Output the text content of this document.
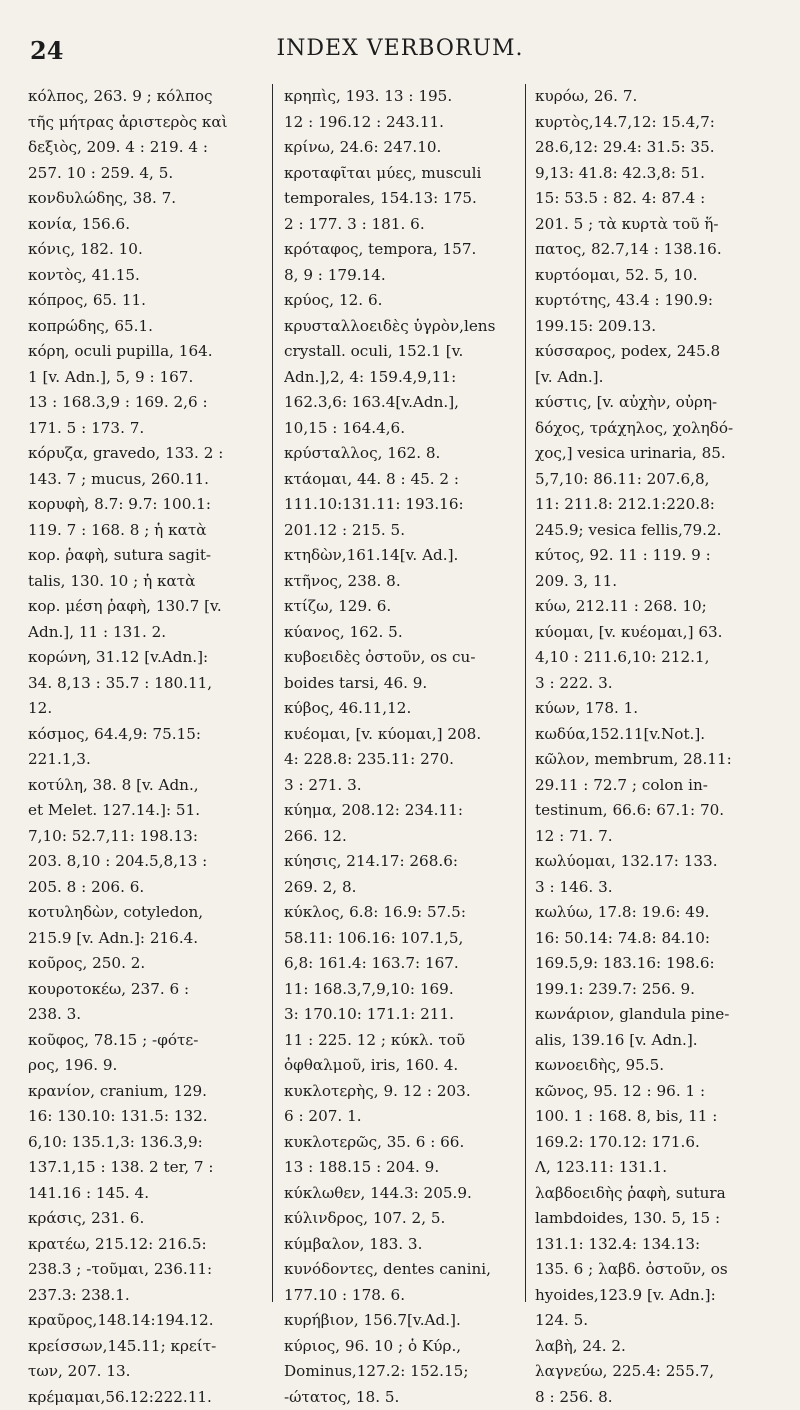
24	INDEX VERBORUM.
κόλπος, 263. 9 ; κόλπος
τῆς μήτρας ἀριστερὸς καὶ
δεξιὸς, 209. 4 : 219. 4 :
257. 10 : 259. 4, 5.
κονδυλώδης, 38. 7.
κονία, 156.6.
κόνις, 182. 10.
κοντὸς, 41.15.
κόπρος, 65. 11.
κοπρώδης, 65.1.
κόρη, oculi pupilla, 164.
1 [v. Adn.], 5, 9 : 167.
13 : 168.3,9 : 169. 2,6 :
171. 5 : 173. 7.
κόρυζα, gravedo, 133. 2 :
143. 7 ; mucus, 260.11.
κορυφὴ, 8.7: 9.7: 100.1:
119. 7 : 168. 8 ; ἡ κατὰ
κορ. ῥαφὴ, sutura sagit-
talis, 130. 10 ; ἡ κατὰ
κορ. μέση ῥαφὴ, 130.7 [v.
Adn.], 11 : 131. 2.
κορώνη, 31.12 [v.Adn.]:
34. 8,13 : 35.7 : 180.11,
12.
κόσμος, 64.4,9: 75.15:
221.1,3.
κοτύλη, 38. 8 [v. Adn.,
et Melet. 127.14.]: 51.
7,10: 52.7,11: 198.13:
203. 8,10 : 204.5,8,13 :
205. 8 : 206. 6.
κοτυληδὼν, cotyledon,
215.9 [v. Adn.]: 216.4.
κοῦρος, 250. 2.
κουροτοκέω, 237. 6 :
238. 3.
κοῦφος, 78.15 ; -φότε-
ρος, 196. 9.
κρανίον, cranium, 129.
16: 130.10: 131.5: 132.
6,10: 135.1,3: 136.3,9:
137.1,15 : 138. 2 ter, 7 :
141.16 : 145. 4.
κράσις, 231. 6.
κρατέω, 215.12: 216.5:
238.3 ; -τοῦμαι, 236.11:
237.3: 238.1.
κραῦρος,148.14:194.12.
κρείσσων,145.11; κρείτ-
των, 207. 13.
κρέμαμαι,56.12:222.11.
κρηπὶς, 193. 13 : 195.
12 : 196.12 : 243.11.
κρίνω, 24.6: 247.10.
κροταφῖται μύες, musculi
temporales, 154.13: 175.
2 : 177. 3 : 181. 6.
κρόταφος, tempora, 157.
8, 9 : 179.14.
κρύος, 12. 6.
κρυσταλλοειδὲς ὑγρὸν,lens
crystall. oculi, 152.1 [v.
Adn.],2, 4: 159.4,9,11:
162.3,6: 163.4[v.Adn.],
10,15 : 164.4,6.
κρύσταλλος, 162. 8.
κτάομαι, 44. 8 : 45. 2 :
111.10:131.11: 193.16:
201.12 : 215. 5.
κτηδὼν,161.14[v. Ad.].
κτῆνος, 238. 8.
κτίζω, 129. 6.
κύανος, 162. 5.
κυβοειδὲς ὀστοῦν, os cu-
boides tarsi, 46. 9.
κύβος, 46.11,12.
κυέομαι, [v. κύομαι,] 208.
4: 228.8: 235.11: 270.
3 : 271. 3.
κύημα, 208.12: 234.11:
266. 12.
κύησις, 214.17: 268.6:
269. 2, 8.
κύκλος, 6.8: 16.9: 57.5:
58.11: 106.16: 107.1,5,
6,8: 161.4: 163.7: 167.
11: 168.3,7,9,10: 169.
3: 170.10: 171.1: 211.
11 : 225. 12 ; κύκλ. τοῦ
ὀφθαλμοῦ, iris, 160. 4.
κυκλοτερὴς, 9. 12 : 203.
6 : 207. 1.
κυκλοτερῶς, 35. 6 : 66.
13 : 188.15 : 204. 9.
κύκλωθεν, 144.3: 205.9.
κύλινδρος, 107. 2, 5.
κύμβαλον, 183. 3.
κυνόδοντες, dentes canini,
177.10 : 178. 6.
κυρήβιον, 156.7[v.Ad.].
κύριος, 96. 10 ; ὁ Κύρ.,
Dominus,127.2: 152.15;
-ώτατος, 18. 5.
κυρόω, 26. 7.
κυρτὸς,14.7,12: 15.4,7:
28.6,12: 29.4: 31.5: 35.
9,13: 41.8: 42.3,8: 51.
15: 53.5 : 82. 4: 87.4 :
201. 5 ; τὰ κυρτὰ τοῦ ἥ-
πατος, 82.7,14 : 138.16.
κυρτόομαι, 52. 5, 10.
κυρτότης, 43.4 : 190.9:
199.15: 209.13.
κύσσαρος, podex, 245.8
[v. Adn.].
κύστις, [v. αὐχὴν, οὐρη-
δόχος, τράχηλος, χοληδό-
χος,] vesica urinaria, 85.
5,7,10: 86.11: 207.6,8,
11: 211.8: 212.1:220.8:
245.9; vesica fellis,79.2.
κύτος, 92. 11 : 119. 9 :
209. 3, 11.
κύω, 212.11 : 268. 10;
κύομαι, [v. κυέομαι,] 63.
4,10 : 211.6,10: 212.1,
3 : 222. 3.
κύων, 178. 1.
κωδύα,152.11[v.Not.].
κῶλον, membrum, 28.11:
29.11 : 72.7 ; colon in-
testinum, 66.6: 67.1: 70.
12 : 71. 7.
κωλύομαι, 132.17: 133.
3 : 146. 3.
κωλύω, 17.8: 19.6: 49.
16: 50.14: 74.8: 84.10:
169.5,9: 183.16: 198.6:
199.1: 239.7: 256. 9.
κωνάριον, glandula pine-
alis, 139.16 [v. Adn.].
κωνοειδὴς, 95.5.
κῶνος, 95. 12 : 96. 1 :
100. 1 : 168. 8, bis, 11 :
169.2: 170.12: 171.6.
Λ, 123.11: 131.1.
λαβδοειδὴς ῥαφὴ, sutura
lambdoides, 130. 5, 15 :
131.1: 132.4: 134.13:
135. 6 ; λαβδ. ὀστοῦν, os
hyoides,123.9 [v. Adn.]:
124. 5.
λαβὴ, 24. 2.
λαγνεύω, 225.4: 255.7,
8 : 256. 8.
